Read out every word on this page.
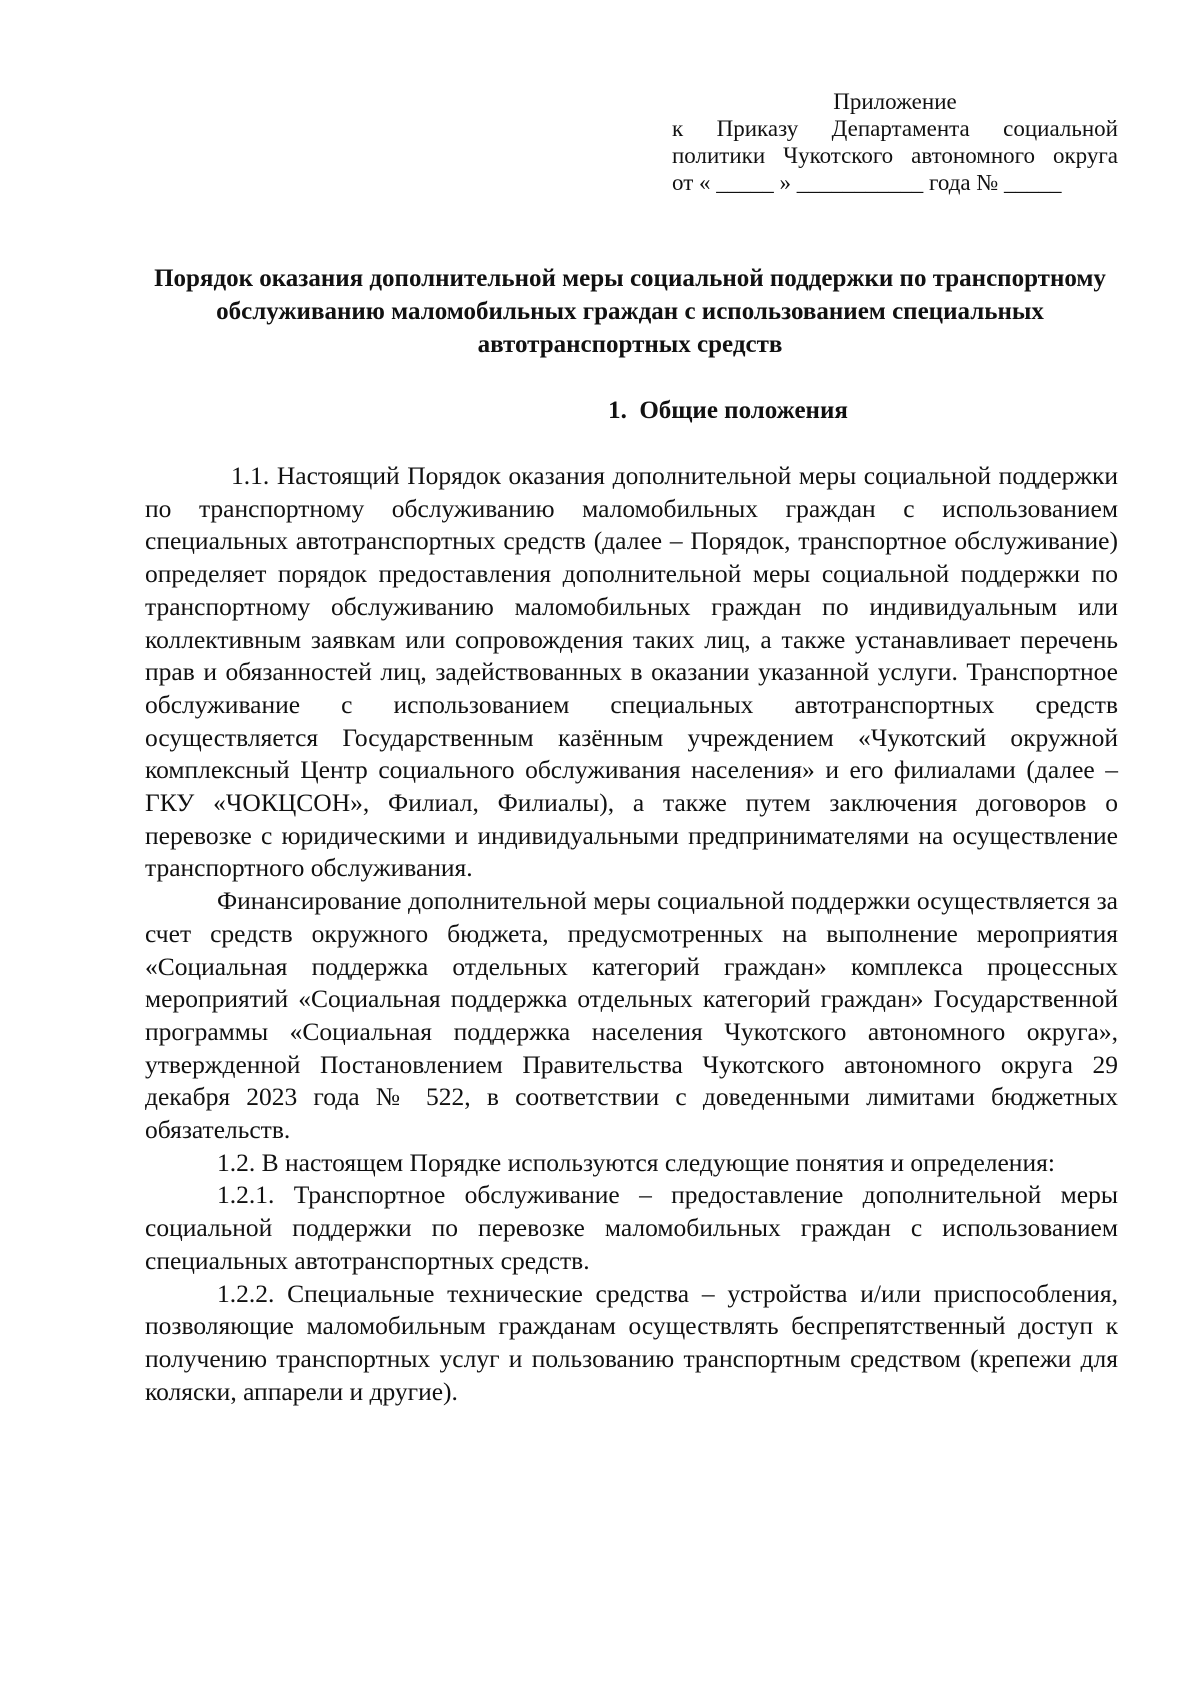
Приложение
к Приказу Департамента социальной
политики Чукотского автономного округа
от « _____ » ___________ года № _____
Порядок оказания дополнительной меры социальной поддержки по транспортному обслуживанию маломобильных граждан с использованием специальных автотранспортных средств
1. Общие положения

1.1. Настоящий Порядок оказания дополнительной меры социальной поддержки по транспортному обслуживанию маломобильных граждан с использованием специальных автотранспортных средств (далее – Порядок, транспортное обслуживание) определяет порядок предоставления дополнительной меры социальной поддержки по транспортному обслуживанию маломобильных граждан по индивидуальным или коллективным заявкам или сопровождения таких лиц, а также устанавливает перечень прав и обязанностей лиц, задействованных в оказании указанной услуги. Транспортное обслуживание с использованием специальных автотранспортных средств осуществляется Государственным казённым учреждением «Чукотский окружной комплексный Центр социального обслуживания населения» и его филиалами (далее – ГКУ «ЧОКЦСОН», Филиал, Филиалы), а также путем заключения договоров о перевозке с юридическими и индивидуальными предпринимателями на осуществление транспортного обслуживания.

Финансирование дополнительной меры социальной поддержки осуществляется за счет средств окружного бюджета, предусмотренных на выполнение мероприятия «Социальная поддержка отдельных категорий граждан» комплекса процессных мероприятий «Социальная поддержка отдельных категорий граждан» Государственной программы «Социальная поддержка населения Чукотского автономного округа», утвержденной Постановлением Правительства Чукотского автономного округа 29 декабря 2023 года № 522, в соответствии с доведенными лимитами бюджетных обязательств.

1.2. В настоящем Порядке используются следующие понятия и определения:

1.2.1. Транспортное обслуживание – предоставление дополнительной меры социальной поддержки по перевозке маломобильных граждан с использованием специальных автотранспортных средств.

1.2.2. Специальные технические средства – устройства и/или приспособления, позволяющие маломобильным гражданам осуществлять беспрепятственный доступ к получению транспортных услуг и пользованию транспортным средством (крепежи для коляски, аппарели и другие).
